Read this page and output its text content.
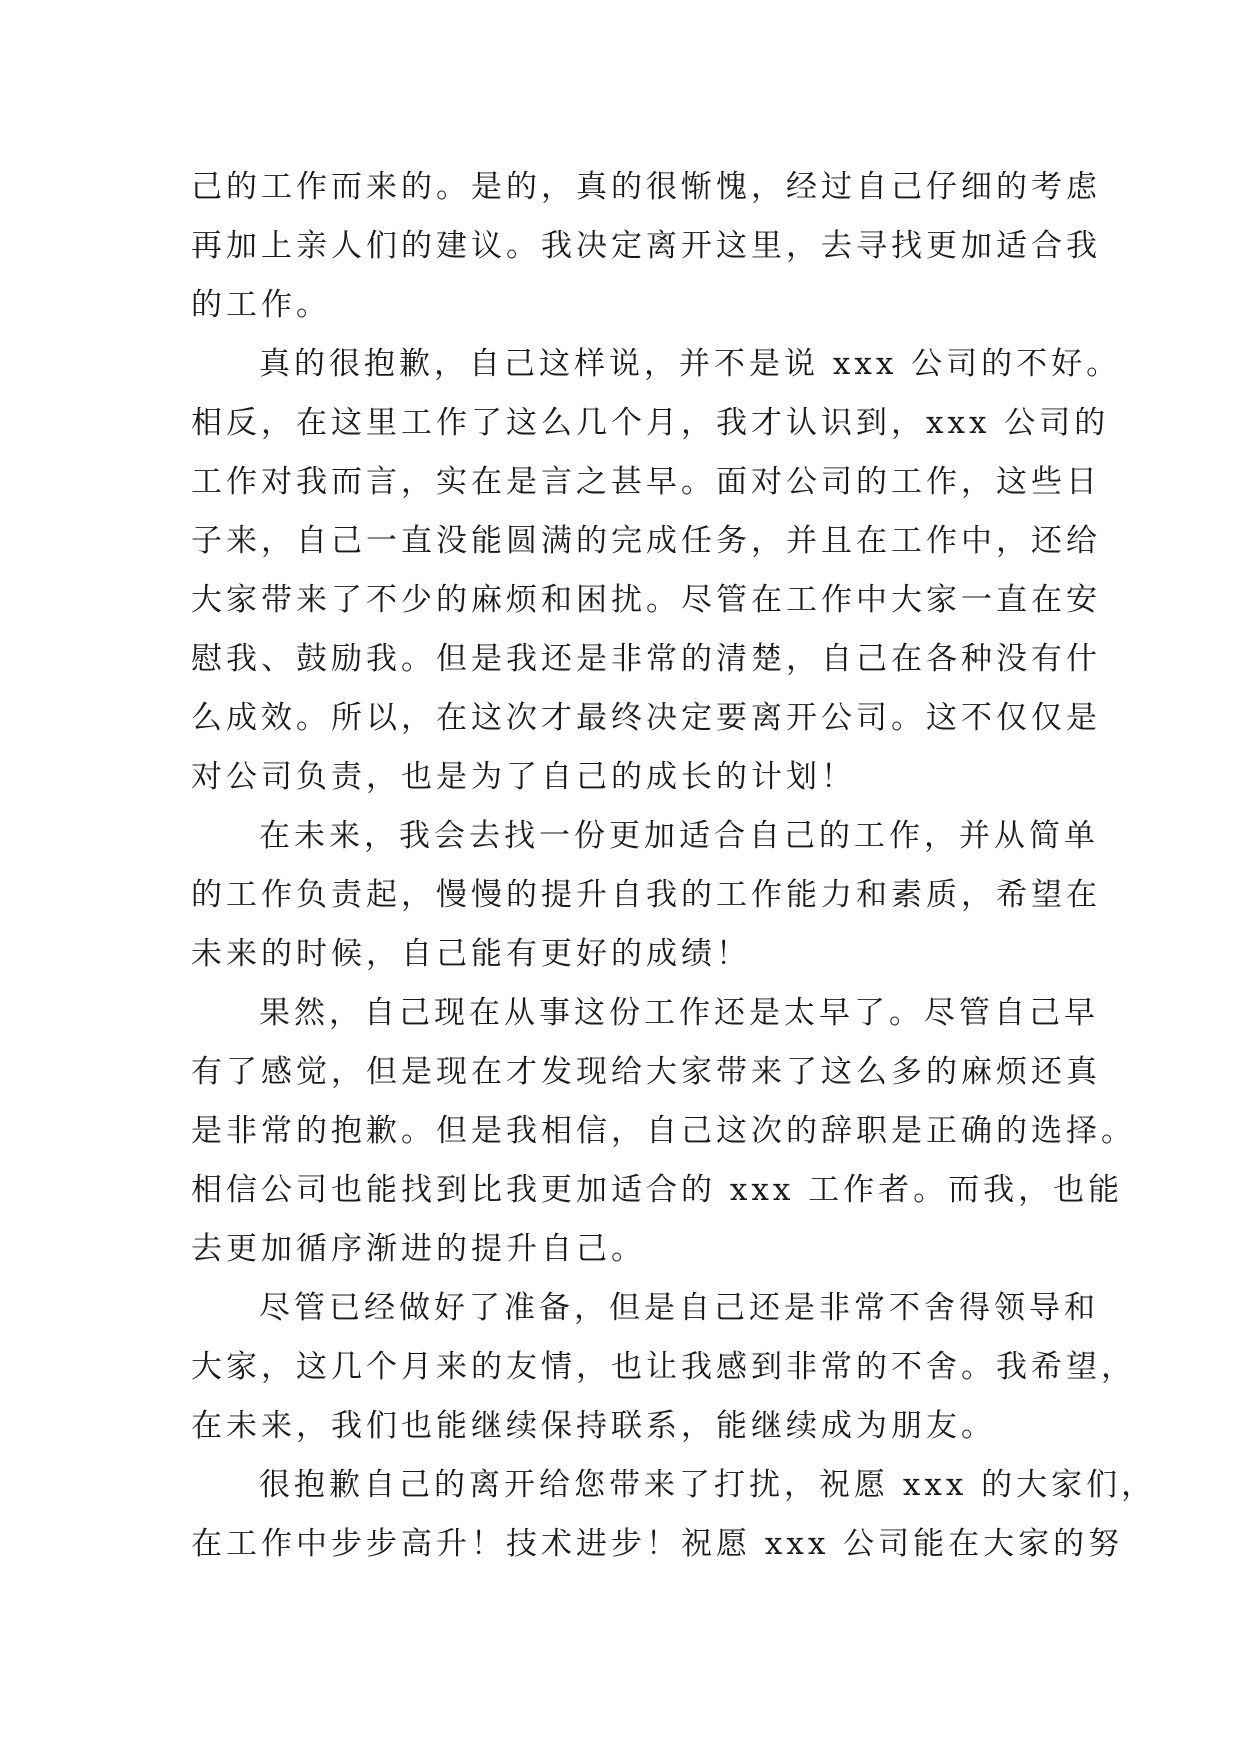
己的工作而来的。是的，真的很惭愧，经过自己仔细的考虑
再加上亲人们的建议。我决定离开这里，去寻找更加适合我
的工作。
真的很抱歉，自己这样说，并不是说 xxx 公司的不好。
相反，在这里工作了这么几个月，我才认识到，xxx 公司的
工作对我而言，实在是言之甚早。面对公司的工作，这些日
子来，自己一直没能圆满的完成任务，并且在工作中，还给
大家带来了不少的麻烦和困扰。尽管在工作中大家一直在安
慰我、鼓励我。但是我还是非常的清楚，自己在各种没有什
么成效。所以，在这次才最终决定要离开公司。这不仅仅是
对公司负责，也是为了自己的成长的计划！
在未来，我会去找一份更加适合自己的工作，并从简单
的工作负责起，慢慢的提升自我的工作能力和素质，希望在
未来的时候，自己能有更好的成绩！
果然，自己现在从事这份工作还是太早了。尽管自己早
有了感觉，但是现在才发现给大家带来了这么多的麻烦还真
是非常的抱歉。但是我相信，自己这次的辞职是正确的选择。
相信公司也能找到比我更加适合的 xxx 工作者。而我，也能
去更加循序渐进的提升自己。
尽管已经做好了准备，但是自己还是非常不舍得领导和
大家，这几个月来的友情，也让我感到非常的不舍。我希望，
在未来，我们也能继续保持联系，能继续成为朋友。
很抱歉自己的离开给您带来了打扰，祝愿 xxx 的大家们，
在工作中步步高升！技术进步！祝愿 xxx 公司能在大家的努
